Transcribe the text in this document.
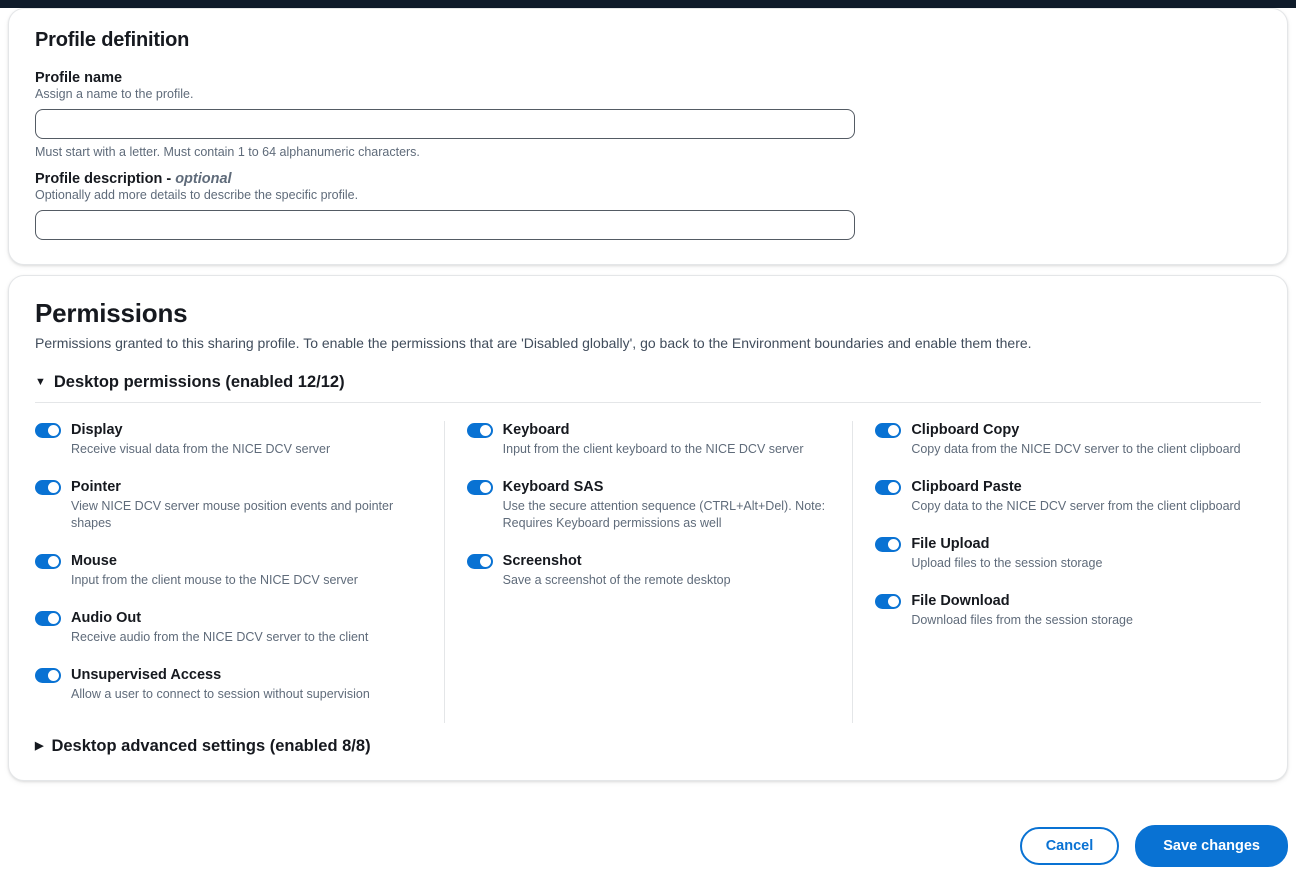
Profile definition
Profile name
Assign a name to the profile.
Must start with a letter. Must contain 1 to 64 alphanumeric characters.
Profile description - optional
Optionally add more details to describe the specific profile.
Permissions
Permissions granted to this sharing profile. To enable the permissions that are 'Disabled globally', go back to the Environment boundaries and enable them there.
▼ Desktop permissions (enabled 12/12)
Display
Receive visual data from the NICE DCV server
Pointer
View NICE DCV server mouse position events and pointer shapes
Mouse
Input from the client mouse to the NICE DCV server
Audio Out
Receive audio from the NICE DCV server to the client
Unsupervised Access
Allow a user to connect to session without supervision
Keyboard
Input from the client keyboard to the NICE DCV server
Keyboard SAS
Use the secure attention sequence (CTRL+Alt+Del). Note: Requires Keyboard permissions as well
Screenshot
Save a screenshot of the remote desktop
Clipboard Copy
Copy data from the NICE DCV server to the client clipboard
Clipboard Paste
Copy data to the NICE DCV server from the client clipboard
File Upload
Upload files to the session storage
File Download
Download files from the session storage
▶ Desktop advanced settings (enabled 8/8)
Cancel	Save changes
